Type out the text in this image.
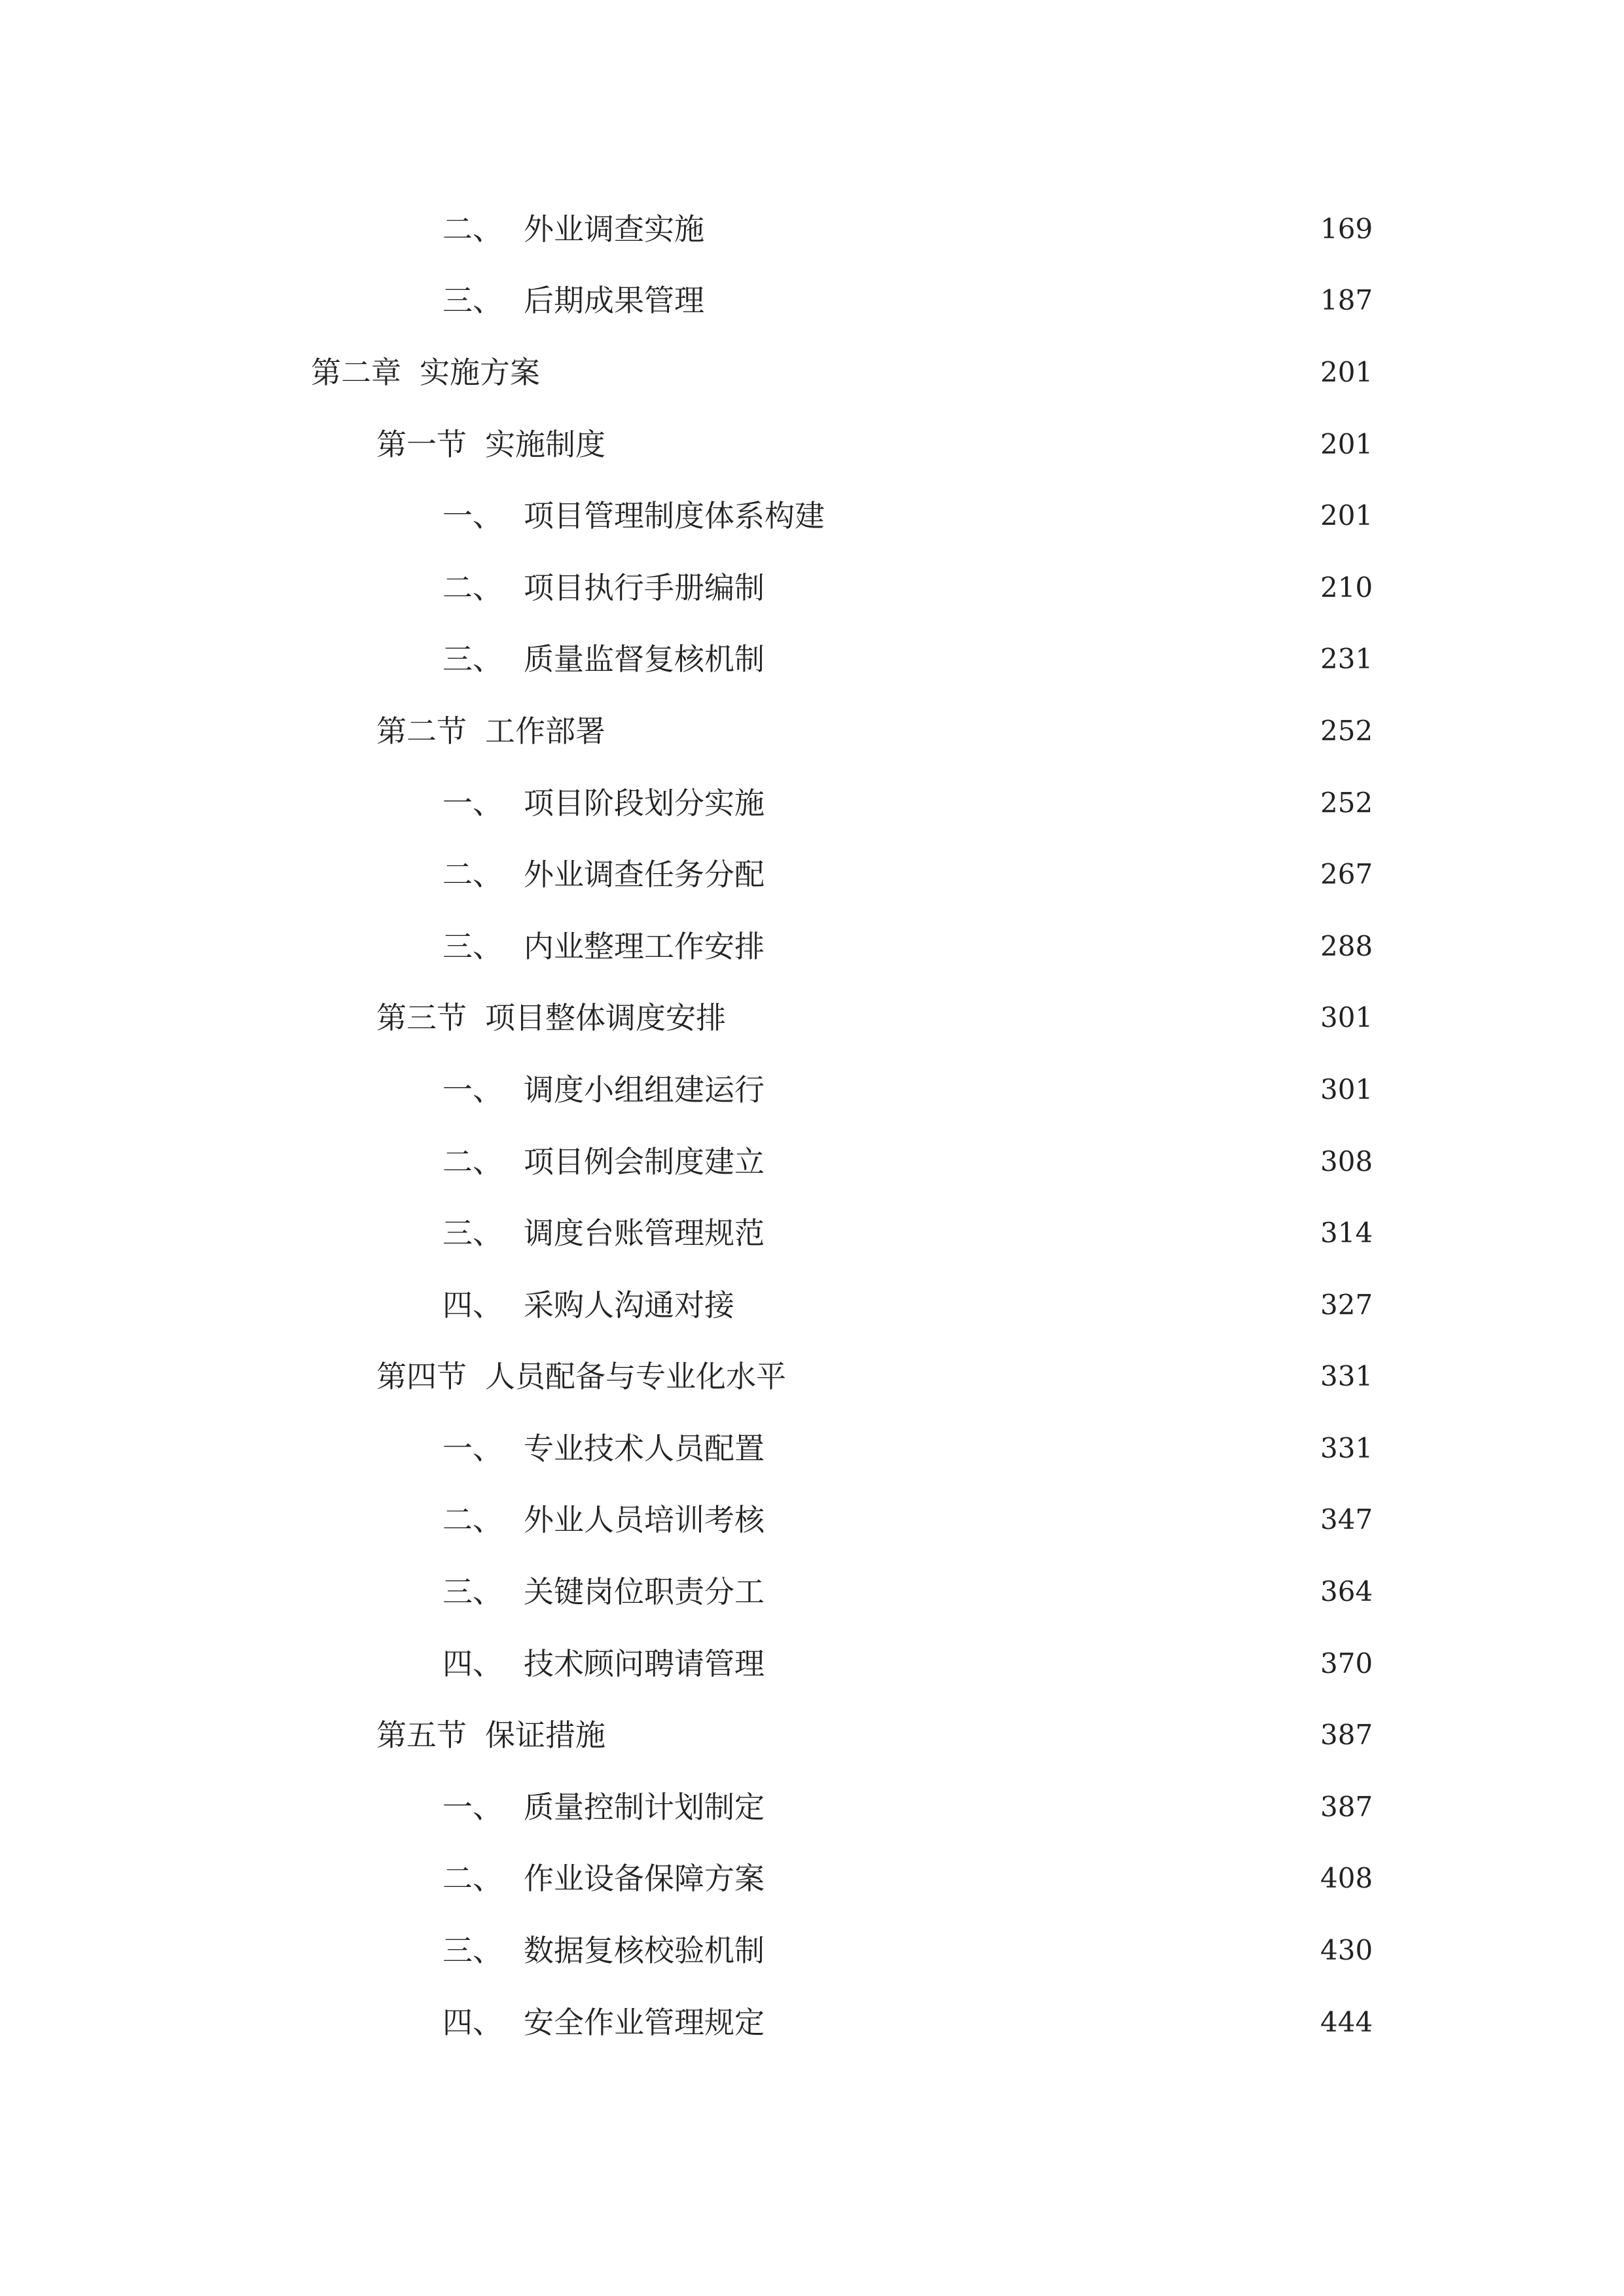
二、 外业调查实施	169
三、 后期成果管理	187
第二章 实施方案	201
第一节 实施制度	201
一、 项目管理制度体系构建	201
二、 项目执行手册编制	210
三、 质量监督复核机制	231
第二节 工作部署	252
一、 项目阶段划分实施	252
二、 外业调查任务分配	267
三、 内业整理工作安排	288
第三节 项目整体调度安排	301
一、 调度小组组建运行	301
二、 项目例会制度建立	308
三、 调度台账管理规范	314
四、 采购人沟通对接	327
第四节 人员配备与专业化水平	331
一、 专业技术人员配置	331
二、 外业人员培训考核	347
三、 关键岗位职责分工	364
四、 技术顾问聘请管理	370
第五节 保证措施	387
一、 质量控制计划制定	387
二、 作业设备保障方案	408
三、 数据复核校验机制	430
四、 安全作业管理规定	444
